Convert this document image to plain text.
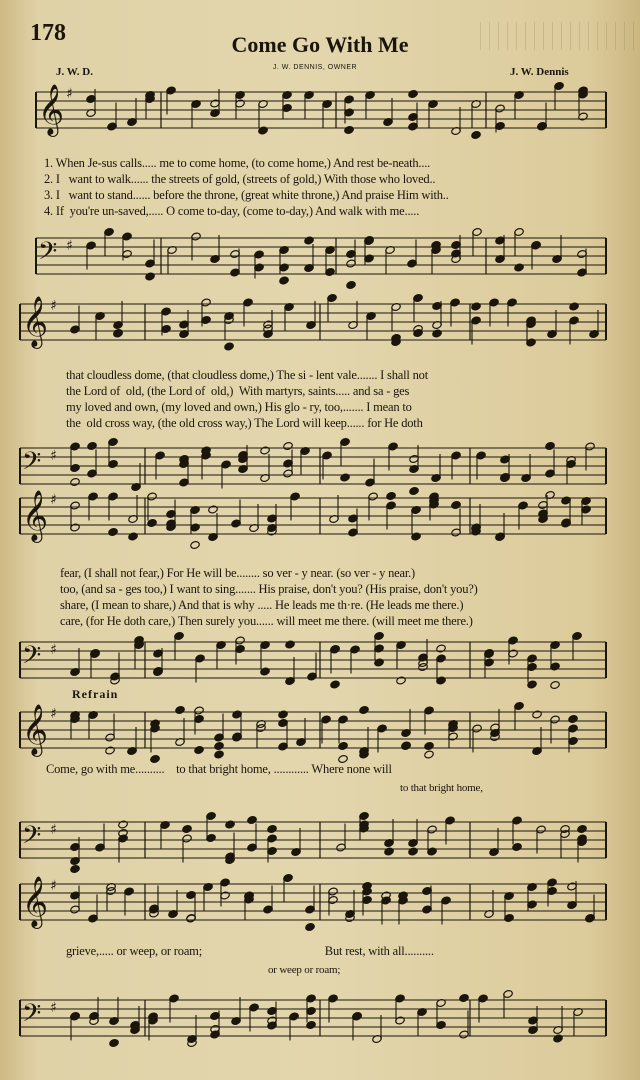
178	Come Go With Me
J. W. D.	J. W. DENNIS, OWNER	J. W. Dennis
𝄞 ♯
1. When Je-sus calls..... me to come home, (to come home,) And rest be-neath....
2. I   want to walk...... the streets of gold, (streets of gold,) With those who loved..
3. I   want to stand...... before the throne, (great white throne,) And praise Him with..
4. If  you're un-saved,..... O come to-day, (come to-day,) And walk with me.....
𝄢 ♯
𝄞 ♯
that cloudless dome, (that cloudless dome,) The si - lent vale....... I shall not
the Lord of  old, (the Lord of  old,)  With martyrs, saints..... and sa - ges
my loved and own, (my loved and own,) His glo - ry, too,....... I mean to
the  old cross way, (the old cross way,) The Lord will keep...... for He doth
𝄢 ♯
𝄞 ♯
fear, (I shall not fear,) For He will be........ so ver - y near. (so ver - y near.)
too, (and sa - ges too,) I want to sing....... His praise, don't you? (His praise, don't you?)
share, (I mean to share,) And that is why ..... He leads me th·re. (He leads me there.)
care, (for He doth care,) Then surely you...... will meet me there. (will meet me there.)
𝄢 ♯
Refrain
𝄞 ♯
Come, go with me..........    to that bright home, ............ Where none will
to that bright home,
𝄢 ♯
𝄞 ♯
grieve,..... or weep, or roam;                                          But rest, with all..........
or weep or roam;
𝄢 ♯
